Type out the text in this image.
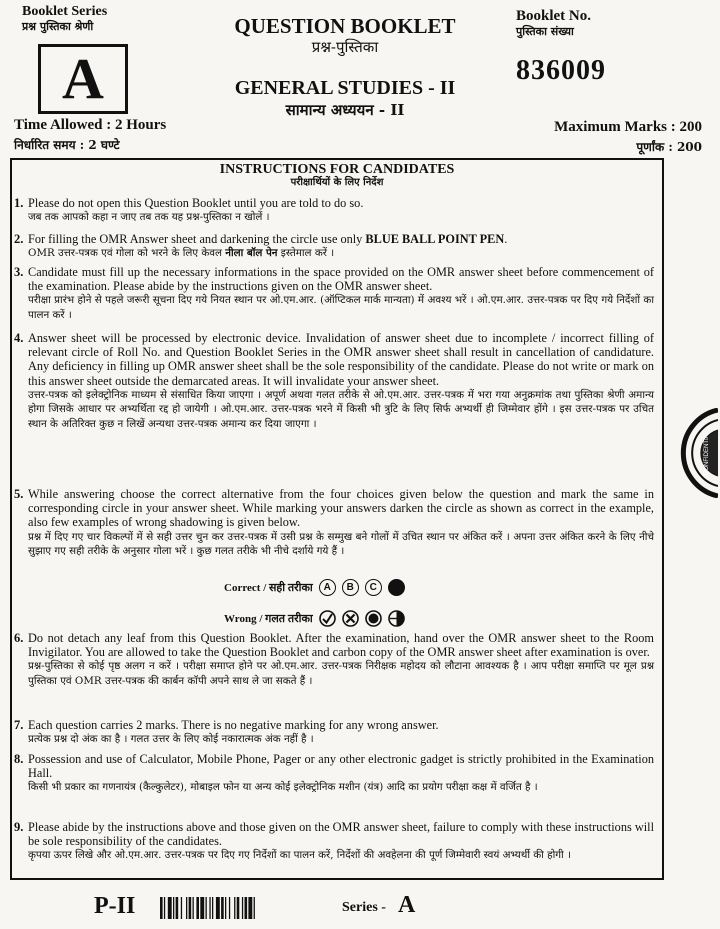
Booklet Series
प्रश्न पुस्तिका श्रेणी
A
QUESTION BOOKLET
प्रश्न-पुस्तिका
GENERAL STUDIES - II
सामान्य अध्ययन - II
Booklet No.
पुस्तिका संख्या
836009
Time Allowed : 2 Hours
निर्धारित समय : 2 घण्टे
Maximum Marks : 200
पूर्णांक : 200
INSTRUCTIONS FOR CANDIDATES
परीक्षार्थियों के लिए निर्देश
1. Please do not open this Question Booklet until you are told to do so.
जब तक आपको कहा न जाए तब तक यह प्रश्न-पुस्तिका न खोलें ।
2. For filling the OMR Answer sheet and darkening the circle use only BLUE BALL POINT PEN.
OMR उत्तर-पत्रक एवं गोला को भरने के लिए केवल नीला बॉल पेन इस्तेमाल करें ।
3. Candidate must fill up the necessary informations in the space provided on the OMR answer sheet before commencement of the examination. Please abide by the instructions given on the OMR answer sheet.
परीक्षा प्रारंभ होने से पहले जरूरी सूचना दिए गये नियत स्थान पर ओ.एम.आर. (ऑप्टिकल मार्क मान्यता) में अवश्य भरें । ओ.एम.आर. उत्तर-पत्रक पर दिए गये निर्देशों का पालन करें ।
4. Answer sheet will be processed by electronic device. Invalidation of answer sheet due to incomplete / incorrect filling of relevant circle of Roll No. and Question Booklet Series in the OMR answer sheet shall result in cancellation of candidature. Any deficiency in filling up OMR answer sheet shall be the sole responsibility of the candidate. Please do not write or mark on this answer sheet outside the demarcated areas. It will invalidate your answer sheet.
उत्तर-पत्रक को इलेक्ट्रोनिक माध्यम से संसाधित किया जाएगा । अपूर्ण अथवा गलत तरीके से ओ.एम.आर. उत्तर-पत्रक में भरा गया अनुक्रमांक तथा पुस्तिका श्रेणी अमान्य होगा जिसके आधार पर अभ्यर्थिता रद्द हो जायेगी । ओ.एम.आर. उत्तर-पत्रक भरने में किसी भी त्रुटि के लिए सिर्फ अभ्यर्थी ही जिम्मेवार होंगे । इस उत्तर-पत्रक पर उचित स्थान के अतिरिक्त कुछ न लिखें अन्यथा उत्तर-पत्रक अमान्य कर दिया जाएगा ।
5. While answering choose the correct alternative from the four choices given below the question and mark the same in corresponding circle in your answer sheet. While marking your answers darken the circle as shown as correct in the example, also few examples of wrong shadowing is given below.
प्रश्न में दिए गए चार विकल्पों में से सही उत्तर चुन कर उत्तर-पत्रक में उसी प्रश्न के सम्मुख बने गोलों में उचित स्थान पर अंकित करें । अपना उत्तर अंकित करने के लिए नीचे सुझाए गए सही तरीके के अनुसार गोला भरें । कुछ गलत तरीके भी नीचे दर्शाये गये हैं ।
Correct / सही तरीका	A	B	C
Wrong / गलत तरीका
6. Do not detach any leaf from this Question Booklet. After the examination, hand over the OMR answer sheet to the Room Invigilator. You are allowed to take the Question Booklet and carbon copy of the OMR answer sheet after examination is over.
प्रश्न-पुस्तिका से कोई पृष्ठ अलग न करें । परीक्षा समाप्त होने पर ओ.एम.आर. उत्तर-पत्रक निरीक्षक महोदय को लौटाना आवश्यक है । आप परीक्षा समाप्ति पर मूल प्रश्न पुस्तिका एवं OMR उत्तर-पत्रक की कार्बन कॉपी अपने साथ ले जा सकते हैं ।
7. Each question carries 2 marks. There is no negative marking for any wrong answer.
प्रत्येक प्रश्न दो अंक का है । गलत उत्तर के लिए कोई नकारात्मक अंक नहीं है ।
8. Possession and use of Calculator, Mobile Phone, Pager or any other electronic gadget is strictly prohibited in the Examination Hall.
किसी भी प्रकार का गणनायंत्र (कैल्कुलेटर), मोबाइल फोन या अन्य कोई इलेक्ट्रोनिक मशीन (यंत्र) आदि का प्रयोग परीक्षा कक्ष में वर्जित है ।
9. Please abide by the instructions above and those given on the OMR answer sheet, failure to comply with these instructions will be sole responsibility of the candidates.
कृपया ऊपर लिखे और ओ.एम.आर. उत्तर-पत्रक पर दिए गए निर्देशों का पालन करें, निर्देशों की अवहेलना की पूर्ण जिम्मेवारी स्वयं अभ्यर्थी की होगी ।
CONFIDENTIAL
P-II	Series - A
